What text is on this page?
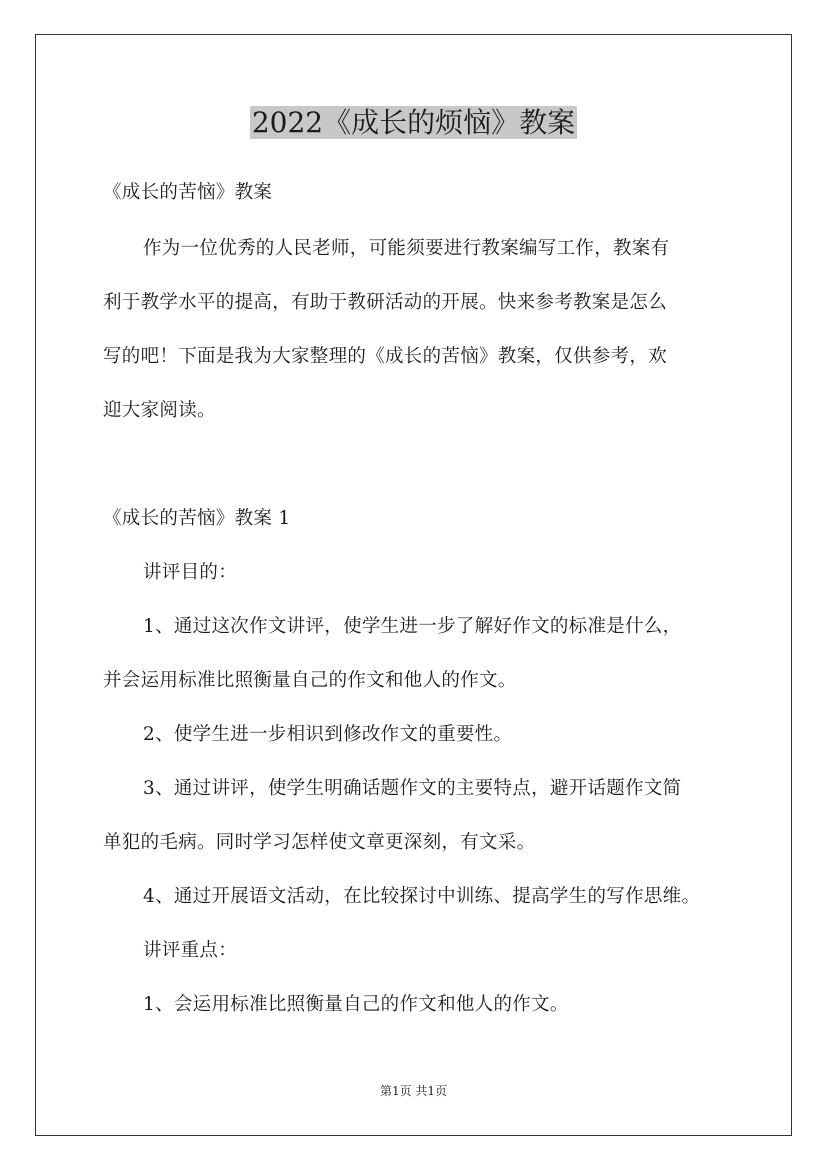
2022《成长的烦恼》教案
《成长的苦恼》教案
作为一位优秀的人民老师，可能须要进行教案编写工作，教案有
利于教学水平的提高，有助于教研活动的开展。快来参考教案是怎么
写的吧！下面是我为大家整理的《成长的苦恼》教案，仅供参考，欢
迎大家阅读。
《成长的苦恼》教案 1
讲评目的：
1、通过这次作文讲评，使学生进一步了解好作文的标准是什么，
并会运用标准比照衡量自己的作文和他人的作文。
2、使学生进一步相识到修改作文的重要性。
3、通过讲评，使学生明确话题作文的主要特点，避开话题作文简
单犯的毛病。同时学习怎样使文章更深刻，有文采。
4、通过开展语文活动，在比较探讨中训练、提高学生的写作思维。
讲评重点：
1、会运用标准比照衡量自己的作文和他人的作文。
第1页 共1页
